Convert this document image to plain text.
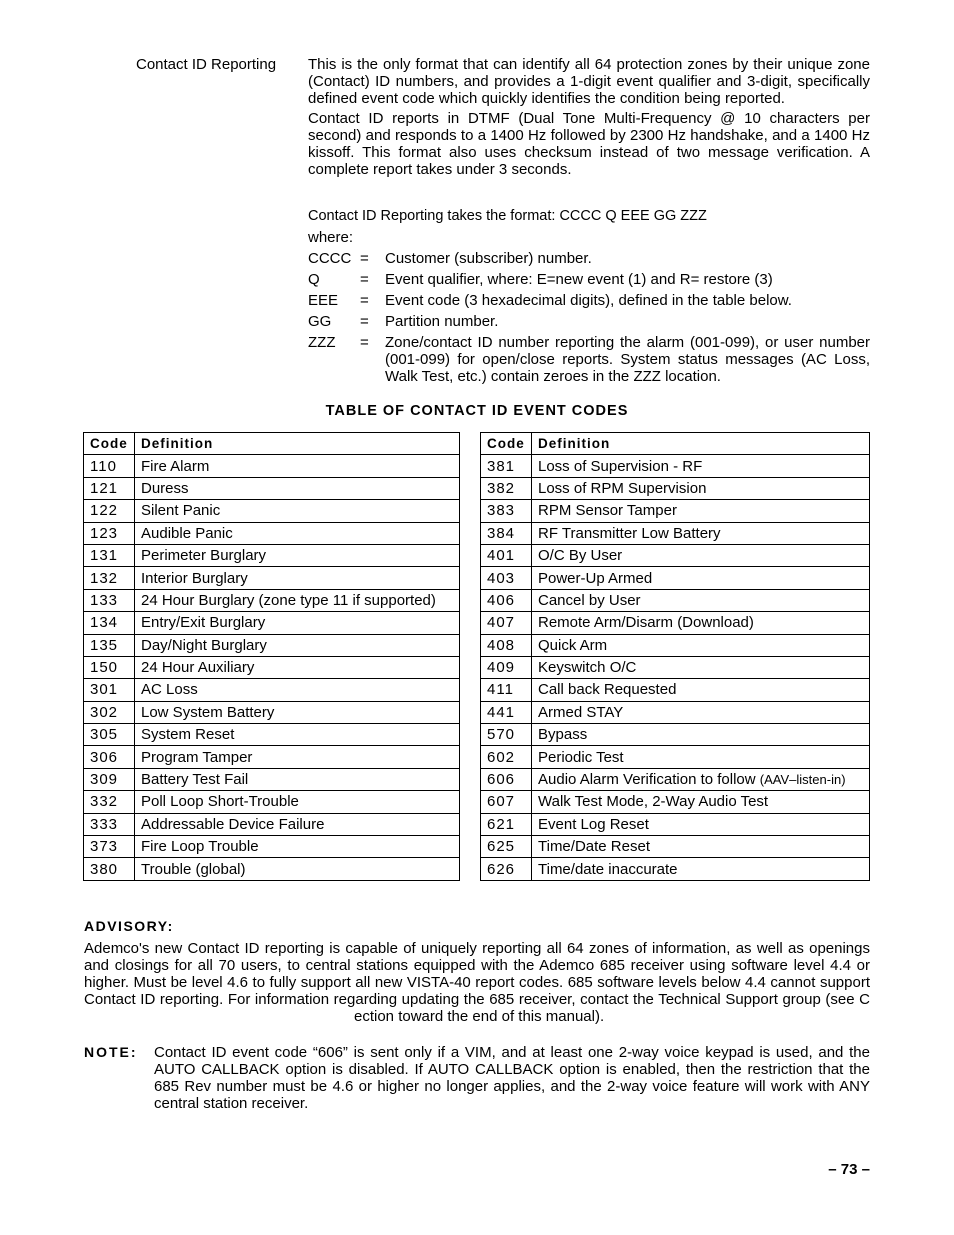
Contact ID Reporting This is the only format that can identify all 64 protection zones by their unique zone (Contact) ID numbers, and provides a 1-digit event qualifier and 3-digit, specifically defined event code which quickly identifies the condition being reported.

Contact ID reports in DTMF (Dual Tone Multi-Frequency @ 10 characters per second) and responds to a 1400 Hz followed by 2300 Hz handshake, and a 1400 Hz kissoff. This format also uses checksum instead of two message verification. A complete report takes under 3 seconds.

Contact ID Reporting takes the format: CCCC Q EEE GG ZZZ
where:
CCCC =	Customer (subscriber) number.
Q	=	Event qualifier, where: E=new event (1) and R= restore (3)
EEE	=	Event code (3 hexadecimal digits), defined in the table below.
GG	=	Partition number.
ZZZ	=	Zone/contact ID number reporting the alarm (001-099), or user number (001-099) for open/close reports. System status messages (AC Loss, Walk Test, etc.) contain zeroes in the ZZZ location.
TABLE OF CONTACT ID EVENT CODES
Code	Definition
110	Fire Alarm
121	Duress
122	Silent Panic
123	Audible Panic
131	Perimeter Burglary
132	Interior Burglary
133	24 Hour Burglary (zone type 11 if supported)
134	Entry/Exit Burglary
135	Day/Night Burglary
150	24 Hour Auxiliary
301	AC Loss
302	Low System Battery
305	System Reset
306	Program Tamper
309	Battery Test Fail
332	Poll Loop Short-Trouble
333	Addressable Device Failure
373	Fire Loop Trouble
380	Trouble (global)
Code	Definition
381	Loss of Supervision - RF
382	Loss of RPM Supervision
383	RPM Sensor Tamper
384	RF Transmitter Low Battery
401	O/C By User
403	Power-Up Armed
406	Cancel by User
407	Remote Arm/Disarm (Download)
408	Quick Arm
409	Keyswitch O/C
411	Call back Requested
441	Armed STAY
570	Bypass
602	Periodic Test
606	Audio Alarm Verification to follow (AAV–listen-in)
607	Walk Test Mode, 2-Way Audio Test
621	Event Log Reset
625	Time/Date Reset
626	Time/date inaccurate
ADVISORY:
Ademco's new Contact ID reporting is capable of uniquely reporting all 64 zones of information, as well as openings and closings for all 70 users, to central stations equipped with the Ademco 685 receiver using software level 4.4 or higher. Must be level 4.6 to fully support all new VISTA-40 report codes. 685 software levels below 4.4 cannot support Contact ID reporting. For information regarding updating the 685 receiver, contact the Technical Support group (see Cection toward the end of this manual).
NOTE: Contact ID event code “606” is sent only if a VIM, and at least one 2-way voice keypad is used, and the AUTO CALLBACK option is disabled. If AUTO CALLBACK option is enabled, then the restriction that the 685 Rev number must be 4.6 or higher no longer applies, and the 2-way voice feature will work with ANY central station receiver.
– 73 –
